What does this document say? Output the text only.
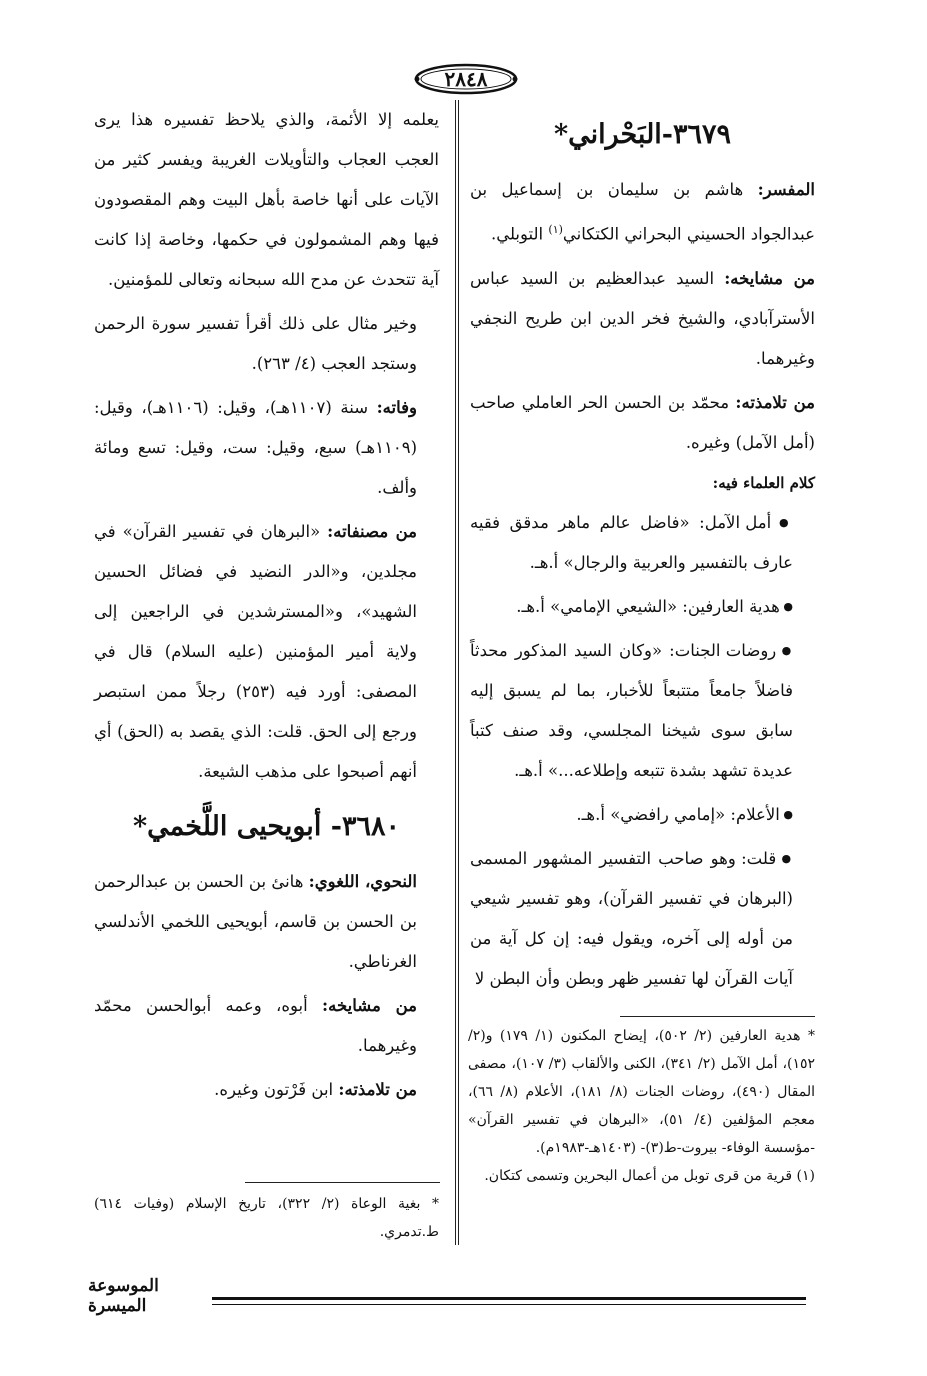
٢٨٤٨
٣٦٧٩-البَحْراني*

المفسر: هاشم بن سليمان بن إسماعيل بن عبدالجواد الحسيني البحراني الكتكاني$^{(١)}$ التوبلي.

من مشايخه: السيد عبدالعظيم بن السيد عباس الأستر‌آبادي، والشيخ فخر الدين ابن طريح النجفي وغيرهما.

من تلامذته: محمّد بن الحسن الحر العاملي صاحب (أمل الآمل) وغيره.

كلام العلماء فيه:

● أمل الآمل: «فاضل عالم ماهر مدقق فقيه عارف بالتفسير والعربية والرجال» أ.هـ.

● هدية العارفين: «الشيعي الإمامي» أ.هـ.

● روضات الجنات: «وكان السيد المذكور محدثاً فاضلاً جامعاً متتبعاً للأخبار، بما لم يسبق إليه سابق سوى شيخنا المجلسي، وقد صنف كتباً عديدة تشهد بشدة تتبعه وإطلاعه...» أ.هـ.

● الأعلام: «إمامي رافضي» أ.هـ.

● قلت: وهو صاحب التفسير المشهور المسمى (البرهان في تفسير القرآن)، وهو تفسير شيعي من أوله إلى آخره، ويقول فيه: إن كل آية من آيات القرآن لها تفسير ظهر وبطن وأن البطن لا

* هدية العارفين (٢/ ٥٠٢)، إيضاح المكنون (١/ ١٧٩) و(٢/ ١٥٢)، أمل الآمل (٢/ ٣٤١)، الكنى والألقاب (٣/ ١٠٧)، مصفى المقال (٤٩٠)، روضات الجنات (٨/ ١٨١)، الأعلام (٨/ ٦٦)، معجم المؤلفين (٤/ ٥١)، «البرهان في تفسير القرآن» -مؤسسة الوفاء- بيروت-ط(٣)- (١٤٠٣هـ-١٩٨٣م).

(١) قرية من قرى توبل من أعمال البحرين وتسمى كتكان.

يعلمه إلا الأئمة، والذي يلاحظ تفسيره هذا يرى العجب العجاب والتأويلات الغريبة ويفسر كثير من الآيات على أنها خاصة بأهل البيت وهم المقصودون فيها وهم المشمولون في حكمها، وخاصة إذا كانت آية تتحدث عن مدح الله سبحانه وتعالى للمؤمنين.

وخير مثال على ذلك أقرأ تفسير سورة الرحمن وستجد العجب (٤/ ٢٦٣).

وفاته: سنة (١١٠٧هـ)، وقيل: (١١٠٦هـ)، وقيل: (١١٠٩هـ) سبع، وقيل: ست، وقيل: تسع ومائة وألف.

من مصنفاته: «البرهان في تفسير القرآن» في مجلدين، و«الدر النضيد في فضائل الحسين الشهيد»، و«المسترشدين في الراجعين إلى ولاية أمير المؤمنين (عليه السلام) قال في المصفى: أورد فيه (٢٥٣) رجلاً ممن استبصر ورجع إلى الحق. قلت: الذي يقصد به (الحق) أي أنهم أصبحوا على مذهب الشيعة.

٣٦٨٠- أبويحيى اللَّخمي*

النحوي، اللغوي: هانئ بن الحسن بن عبدالرحمن بن الحسن بن قاسم، أبويحيى اللخمي الأندلسي الغرناطي.

من مشايخه: أبوه، وعمه أبوالحسن محمّد وغيرهما.

من تلامذته: ابن فَرْتون وغيره.

* بغية الوعاة (٢/ ٣٢٢)، تاريخ الإسلام (وفيات ٦١٤) ط.تدمري.

الموسوعة الميسرة
